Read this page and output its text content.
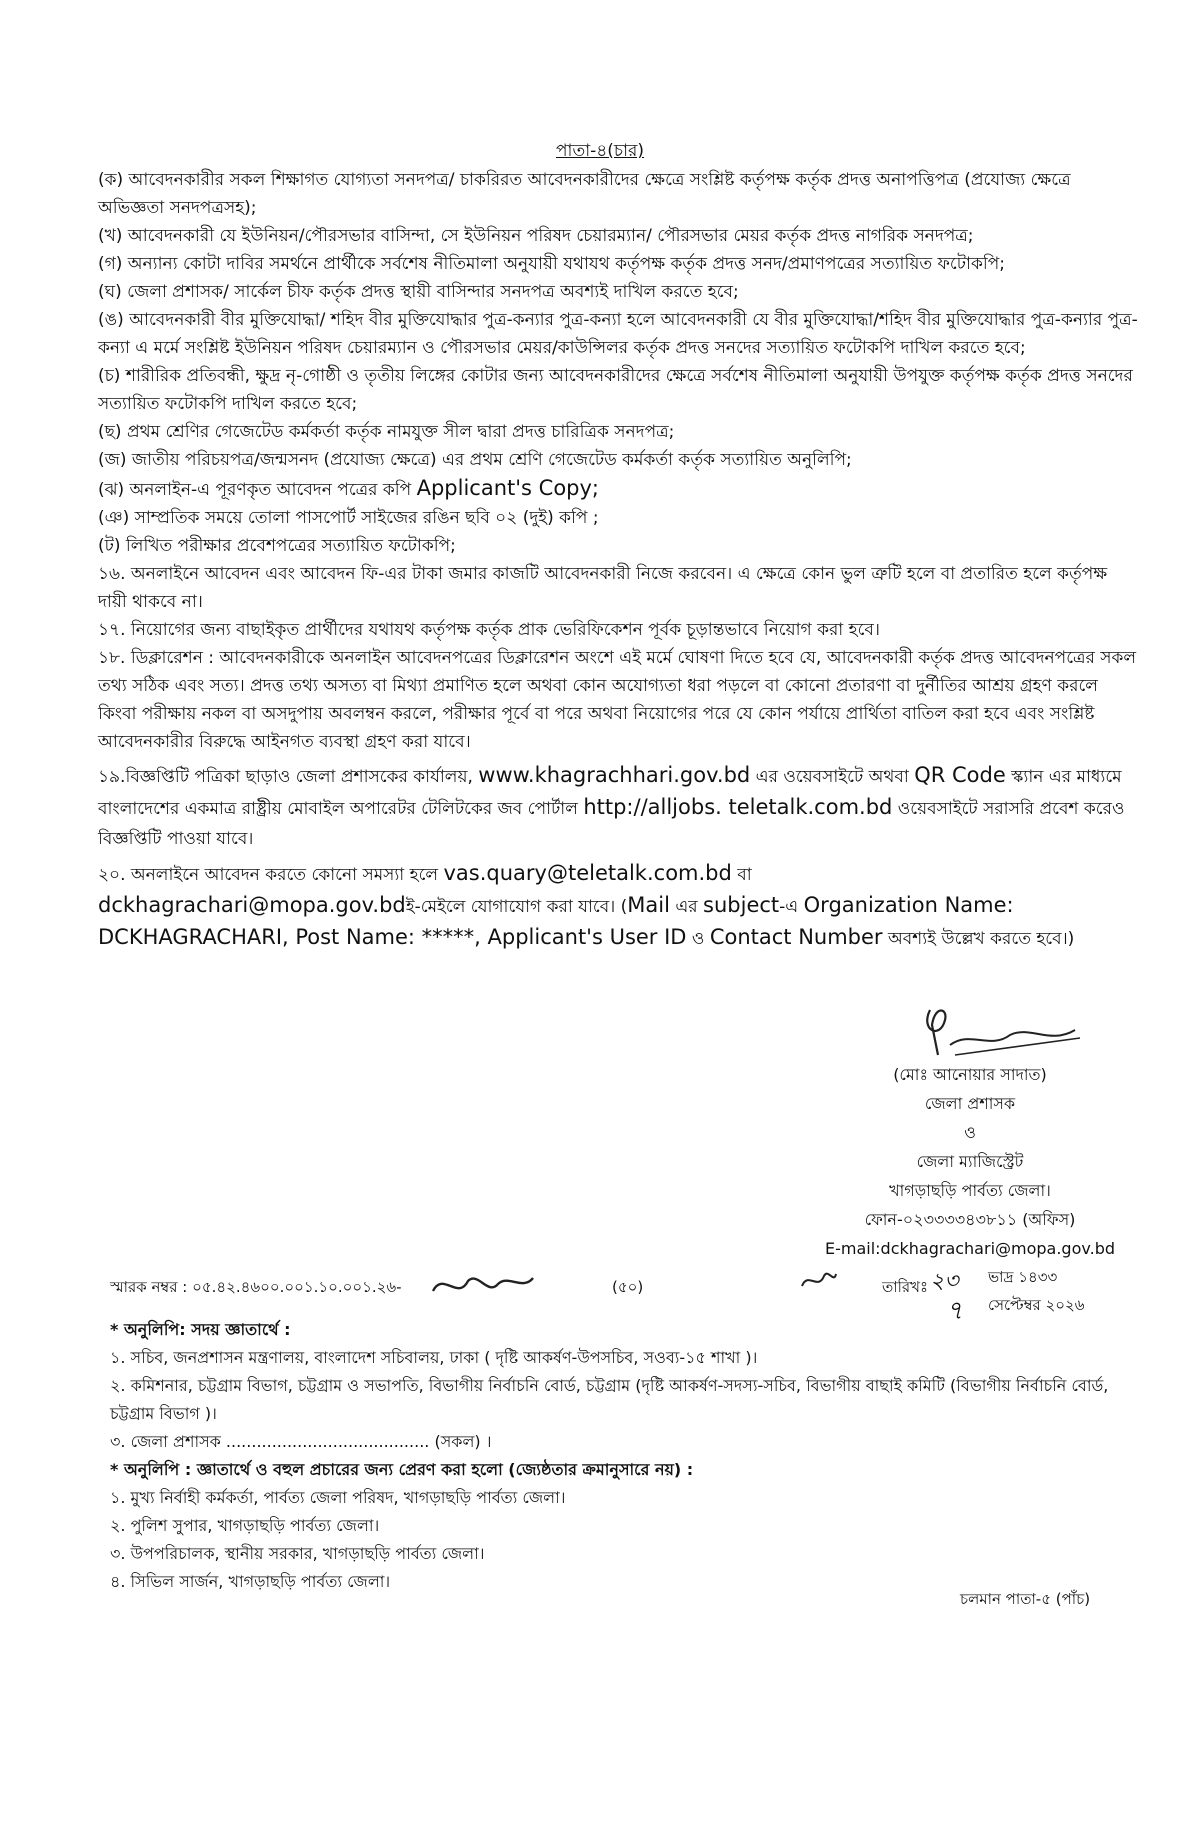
পাতা-৪(চার)

(ক) আবেদনকারীর সকল শিক্ষাগত যোগ্যতা সনদপত্র/ চাকরিরত আবেদনকারীদের ক্ষেত্রে সংশ্লিষ্ট কর্তৃপক্ষ কর্তৃক প্রদত্ত অনাপত্তিপত্র (প্রযোজ্য ক্ষেত্রে অভিজ্ঞতা সনদপত্রসহ);

(খ) আবেদনকারী যে ইউনিয়ন/পৌরসভার বাসিন্দা, সে ইউনিয়ন পরিষদ চেয়ারম্যান/ পৌরসভার মেয়র কর্তৃক প্রদত্ত নাগরিক সনদপত্র;

(গ) অন্যান্য কোটা দাবির সমর্থনে প্রার্থীকে সর্বশেষ নীতিমালা অনুযায়ী যথাযথ কর্তৃপক্ষ কর্তৃক প্রদত্ত সনদ/প্রমাণপত্রের সত্যায়িত ফটোকপি;

(ঘ) জেলা প্রশাসক/ সার্কেল চীফ কর্তৃক প্রদত্ত স্থায়ী বাসিন্দার সনদপত্র অবশ্যই দাখিল করতে হবে;

(ঙ) আবেদনকারী বীর মুক্তিযোদ্ধা/ শহিদ বীর মুক্তিযোদ্ধার পুত্র-কন্যার পুত্র-কন্যা হলে আবেদনকারী যে বীর মুক্তিযোদ্ধা/শহিদ বীর মুক্তিযোদ্ধার পুত্র-কন্যার পুত্র-কন্যা এ মর্মে সংশ্লিষ্ট ইউনিয়ন পরিষদ চেয়ারম্যান ও পৌরসভার মেয়র/কাউন্সিলর কর্তৃক প্রদত্ত সনদের সত্যায়িত ফটোকপি দাখিল করতে হবে;

(চ) শারীরিক প্রতিবন্ধী, ক্ষুদ্র নৃ-গোষ্ঠী ও তৃতীয় লিঙ্গের কোটার জন্য আবেদনকারীদের ক্ষেত্রে সর্বশেষ নীতিমালা অনুযায়ী উপযুক্ত কর্তৃপক্ষ কর্তৃক প্রদত্ত সনদের সত্যায়িত ফটোকপি দাখিল করতে হবে;

(ছ) প্রথম শ্রেণির গেজেটেড কর্মকর্তা কর্তৃক নামযুক্ত সীল দ্বারা প্রদত্ত চারিত্রিক সনদপত্র;

(জ) জাতীয় পরিচয়পত্র/জন্মসনদ (প্রযোজ্য ক্ষেত্রে) এর প্রথম শ্রেণি গেজেটেড কর্মকর্তা কর্তৃক সত্যায়িত অনুলিপি;

(ঝ) অনলাইন-এ পূরণকৃত আবেদন পত্রের কপি Applicant's Copy;

(ঞ) সাম্প্রতিক সময়ে তোলা পাসপোর্ট সাইজের রঙিন ছবি ০২ (দুই) কপি ;

(ট) লিখিত পরীক্ষার প্রবেশপত্রের সত্যায়িত ফটোকপি;

১৬. অনলাইনে আবেদন এবং আবেদন ফি-এর টাকা জমার কাজটি আবেদনকারী নিজে করবেন। এ ক্ষেত্রে কোন ভুল ত্রুটি হলে বা প্রতারিত হলে কর্তৃপক্ষ দায়ী থাকবে না।

১৭. নিয়োগের জন্য বাছাইকৃত প্রার্থীদের যথাযথ কর্তৃপক্ষ কর্তৃক প্রাক ভেরিফিকেশন পূর্বক চূড়ান্তভাবে নিয়োগ করা হবে।

১৮. ডিক্লারেশন : আবেদনকারীকে অনলাইন আবেদনপত্রের ডিক্লারেশন অংশে এই মর্মে ঘোষণা দিতে হবে যে, আবেদনকারী কর্তৃক প্রদত্ত আবেদনপত্রের সকল তথ্য সঠিক এবং সত্য। প্রদত্ত তথ্য অসত্য বা মিথ্যা প্রমাণিত হলে অথবা কোন অযোগ্যতা ধরা পড়লে বা কোনো প্রতারণা বা দুর্নীতির আশ্রয় গ্রহণ করলে কিংবা পরীক্ষায় নকল বা অসদুপায় অবলম্বন করলে, পরীক্ষার পূর্বে বা পরে অথবা নিয়োগের পরে যে কোন পর্যায়ে প্রার্থিতা বাতিল করা হবে এবং সংশ্লিষ্ট আবেদনকারীর বিরুদ্ধে আইনগত ব্যবস্থা গ্রহণ করা যাবে।

১৯.বিজ্ঞপ্তিটি পত্রিকা ছাড়াও জেলা প্রশাসকের কার্যালয়, www.khagrachhari.gov.bd এর ওয়েবসাইটে অথবা QR Code স্ক্যান এর মাধ্যমে বাংলাদেশের একমাত্র রাষ্ট্রীয় মোবাইল অপারেটর টেলিটকের জব পোর্টাল http://alljobs. teletalk.com.bd ওয়েবসাইটে সরাসরি প্রবেশ করেও বিজ্ঞপ্তিটি পাওয়া যাবে।

২০. অনলাইনে আবেদন করতে কোনো সমস্যা হলে vas.quary@teletalk.com.bd বা
dckhagrachari@mopa.gov.bdই-মেইলে যোগাযোগ করা যাবে। (Mail এর subject-এ Organization Name: DCKHAGRACHARI, Post Name: *****, Applicant's User ID ও Contact Number অবশ্যই উল্লেখ করতে হবে।)

(মোঃ আনোয়ার সাদাত)
জেলা প্রশাসক
ও
জেলা ম্যাজিস্ট্রেট
খাগড়াছড়ি পার্বত্য জেলা।
ফোন-০২৩৩৩৩৪৩৮১১ (অফিস)
E-mail:dckhagrachari@mopa.gov.bd
স্মারক নম্বর : ০৫.৪২.৪৬০০.০০১.১০.০০১.২৬-	(৫০)	তারিখঃ ২৩ ভাদ্র ১৪৩৩
৭ সেপ্টেম্বর ২০২৬

* অনুলিপি: সদয় জ্ঞাতার্থে :

১. সচিব, জনপ্রশাসন মন্ত্রণালয়, বাংলাদেশ সচিবালয়, ঢাকা ( দৃষ্টি আকর্ষণ-উপসচিব, সওব্য-১৫ শাখা )।

২. কমিশনার, চট্টগ্রাম বিভাগ, চট্টগ্রাম ও সভাপতি, বিভাগীয় নির্বাচনি বোর্ড, চট্টগ্রাম (দৃষ্টি আকর্ষণ-সদস্য-সচিব, বিভাগীয় বাছাই কমিটি (বিভাগীয় নির্বাচনি বোর্ড, চট্টগ্রাম বিভাগ )।

৩. জেলা প্রশাসক ........................................ (সকল) ।

* অনুলিপি : জ্ঞাতার্থে ও বহুল প্রচারের জন্য প্রেরণ করা হলো (জ্যেষ্ঠতার ক্রমানুসারে নয়) :

১. মুখ্য নির্বাহী কর্মকর্তা, পার্বত্য জেলা পরিষদ, খাগড়াছড়ি পার্বত্য জেলা।

২. পুলিশ সুপার, খাগড়াছড়ি পার্বত্য জেলা।

৩. উপপরিচালক, স্থানীয় সরকার, খাগড়াছড়ি পার্বত্য জেলা।

৪. সিভিল সার্জন, খাগড়াছড়ি পার্বত্য জেলা।

চলমান পাতা-৫ (পাঁচ)
